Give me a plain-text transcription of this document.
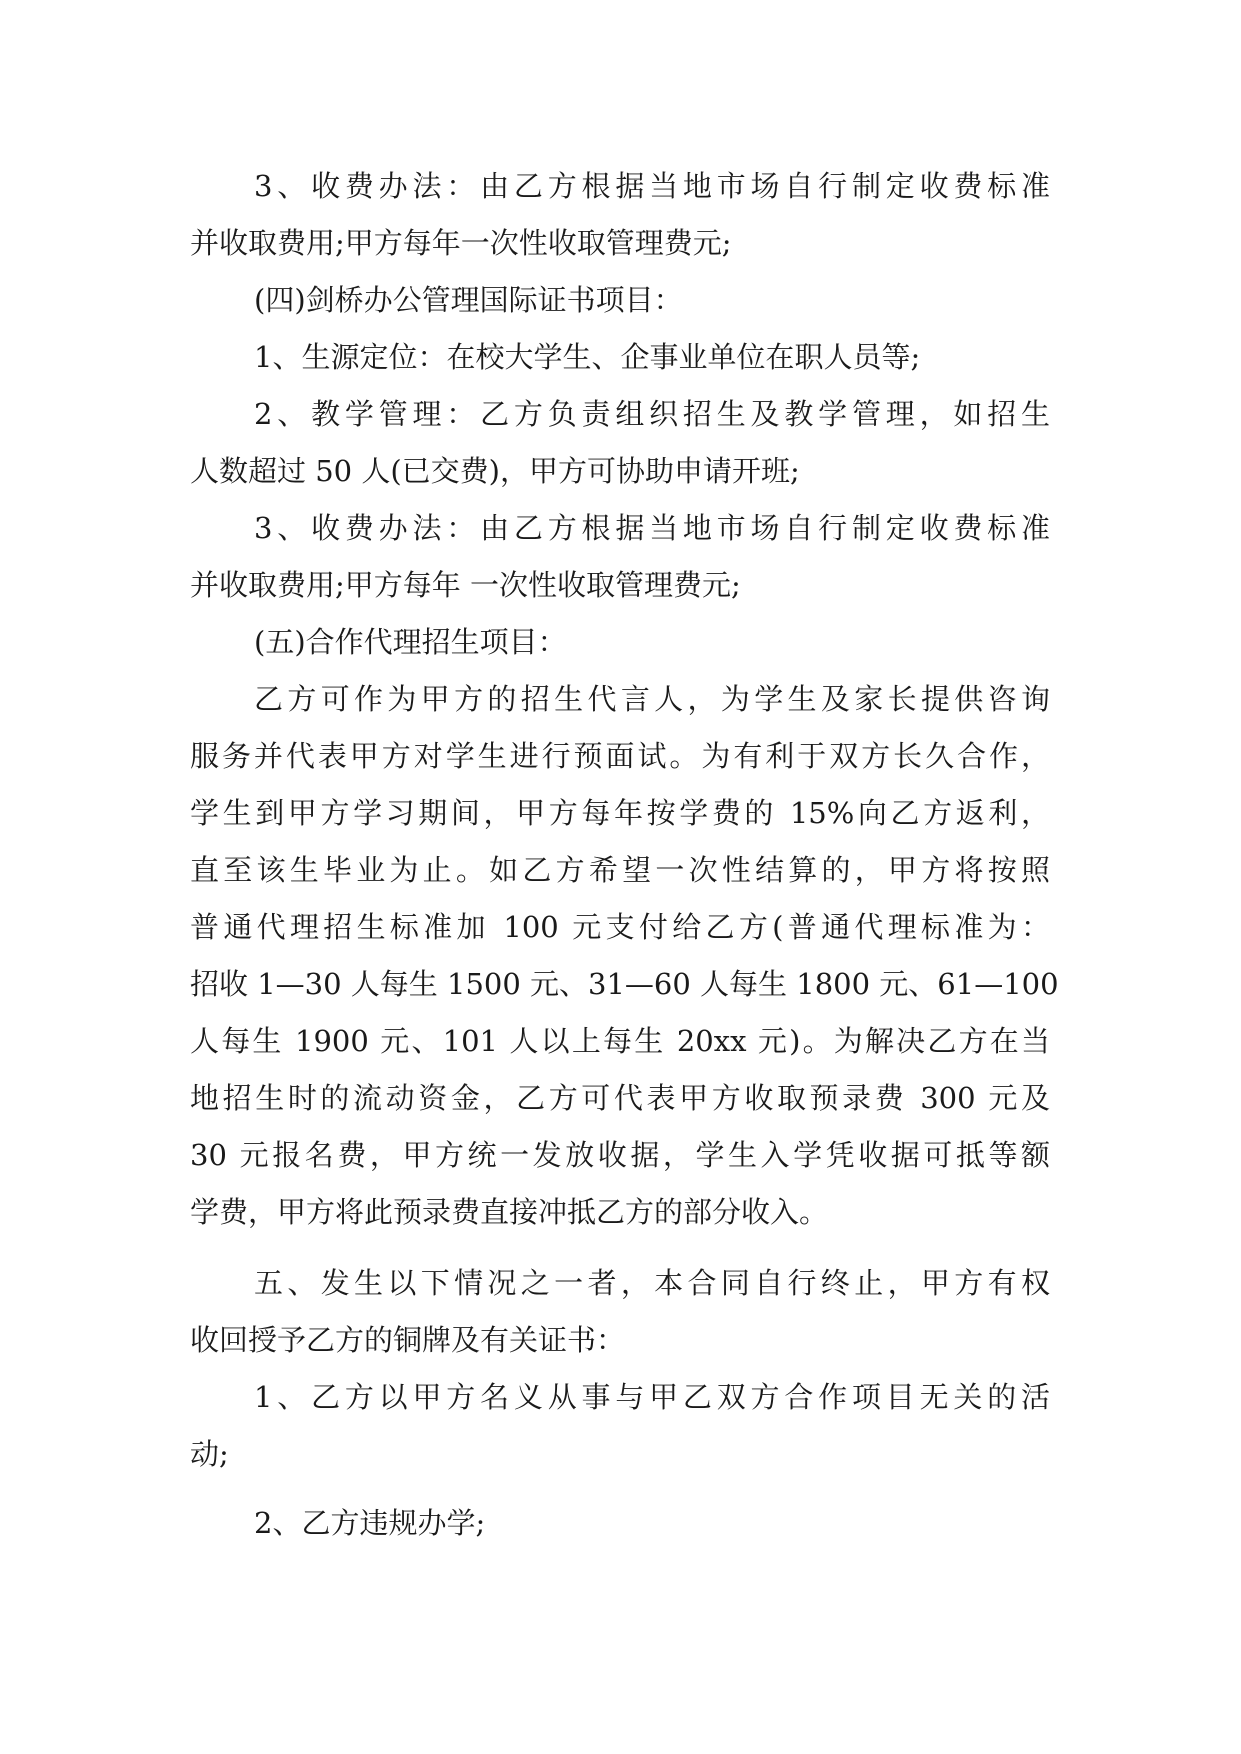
3、收费办法：由乙方根据当地市场自行制定收费标准
并收取费用;甲方每年一次性收取管理费元;
(四)剑桥办公管理国际证书项目：
1、生源定位：在校大学生、企事业单位在职人员等;
2、教学管理：乙方负责组织招生及教学管理，如招生
人数超过 50 人(已交费)，甲方可协助申请开班;
3、收费办法：由乙方根据当地市场自行制定收费标准
并收取费用;甲方每年 一次性收取管理费元;
(五)合作代理招生项目：
乙方可作为甲方的招生代言人，为学生及家长提供咨询
服务并代表甲方对学生进行预面试。为有利于双方长久合作，
学生到甲方学习期间，甲方每年按学费的 15%向乙方返利，
直至该生毕业为止。如乙方希望一次性结算的，甲方将按照
普通代理招生标准加 100 元支付给乙方(普通代理标准为：
招收 1—30 人每生 1500 元、31—60 人每生 1800 元、61—100
人每生 1900 元、101 人以上每生 20xx 元)。为解决乙方在当
地招生时的流动资金，乙方可代表甲方收取预录费 300 元及
30 元报名费，甲方统一发放收据，学生入学凭收据可抵等额
学费，甲方将此预录费直接冲抵乙方的部分收入。
五、发生以下情况之一者，本合同自行终止，甲方有权
收回授予乙方的铜牌及有关证书：
1、乙方以甲方名义从事与甲乙双方合作项目无关的活
动;
2、乙方违规办学;
